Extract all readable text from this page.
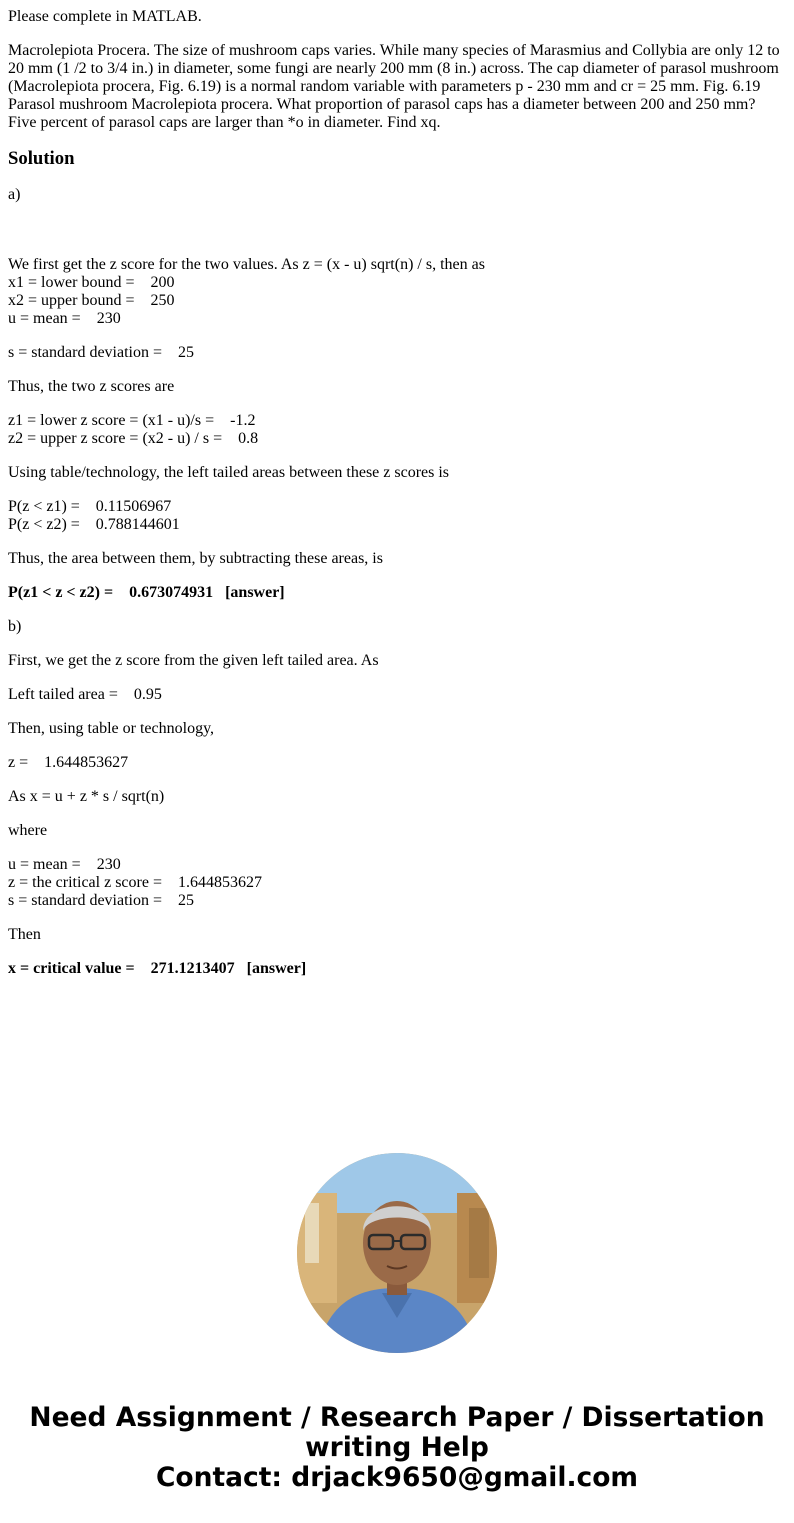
Please complete in MATLAB.

Macrolepiota Procera. The size of mushroom caps varies. While many species of Marasmius and Collybia are only 12 to 20 mm (1 /2 to 3/4 in.) in diameter, some fungi are nearly 200 mm (8 in.) across. The cap diameter of parasol mushroom (Macrolepiota procera, Fig. 6.19) is a normal random variable with parameters p - 230 mm and cr = 25 mm. Fig. 6.19 Parasol mushroom Macrolepiota procera. What proportion of parasol caps has a diameter between 200 and 250 mm? Five percent of parasol caps are larger than *o in diameter. Find xq.

Solution

a)

We first get the z score for the two values. As z = (x - u) sqrt(n) / s, then as
x1 = lower bound =    200
x2 = upper bound =    250
u = mean =    230

s = standard deviation =    25

Thus, the two z scores are

z1 = lower z score = (x1 - u)/s =    -1.2
z2 = upper z score = (x2 - u) / s =    0.8

Using table/technology, the left tailed areas between these z scores is

P(z < z1) =    0.11506967
P(z < z2) =    0.788144601

Thus, the area between them, by subtracting these areas, is

P(z1 < z < z2) =    0.673074931   [answer]

b)

First, we get the z score from the given left tailed area. As

Left tailed area =    0.95

Then, using table or technology,

z =    1.644853627

As x = u + z * s / sqrt(n)

where

u = mean =    230
z = the critical z score =    1.644853627
s = standard deviation =    25

Then

x = critical value =    271.1213407   [answer]

Need Assignment / Research Paper / Dissertation
writing Help
Contact: drjack9650@gmail.com
